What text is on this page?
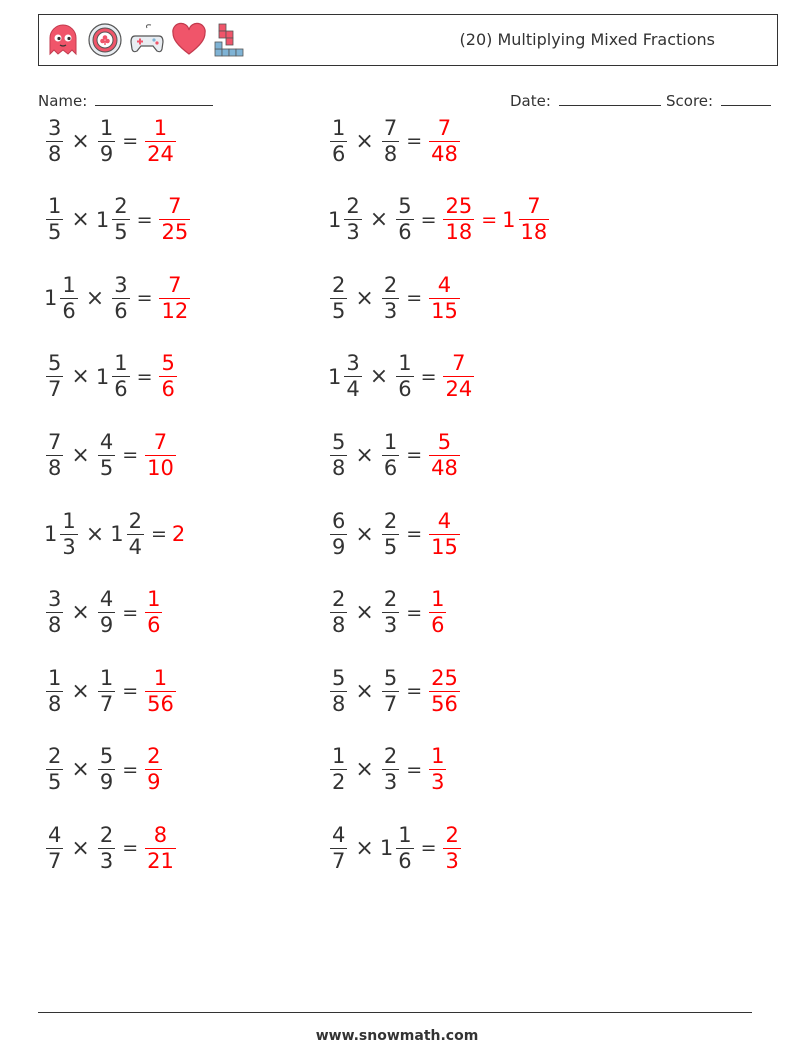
(20) Multiplying Mixed Fractions
Name:	Date:	Score:
$\frac{3}{8} \times \frac{1}{9} = \frac{1}{24}$	$\frac{1}{6} \times \frac{7}{8} = \frac{7}{48}$
$\frac{1}{5} \times 1 \frac{2}{5} = \frac{7}{25}$	$1 \frac{2}{3} \times \frac{5}{6} = \frac{25}{18} = 1 \frac{7}{18}$
$1 \frac{1}{6} \times \frac{3}{6} = \frac{7}{12}$	$\frac{2}{5} \times \frac{2}{3} = \frac{4}{15}$
$\frac{5}{7} \times 1 \frac{1}{6} = \frac{5}{6}$	$1 \frac{3}{4} \times \frac{1}{6} = \frac{7}{24}$
$\frac{7}{8} \times \frac{4}{5} = \frac{7}{10}$	$\frac{5}{8} \times \frac{1}{6} = \frac{5}{48}$
$1 \frac{1}{3} \times 1 \frac{2}{4} = 2$	$\frac{6}{9} \times \frac{2}{5} = \frac{4}{15}$
$\frac{3}{8} \times \frac{4}{9} = \frac{1}{6}$	$\frac{2}{8} \times \frac{2}{3} = \frac{1}{6}$
$\frac{1}{8} \times \frac{1}{7} = \frac{1}{56}$	$\frac{5}{8} \times \frac{5}{7} = \frac{25}{56}$
$\frac{2}{5} \times \frac{5}{9} = \frac{2}{9}$	$\frac{1}{2} \times \frac{2}{3} = \frac{1}{3}$
$\frac{4}{7} \times \frac{2}{3} = \frac{8}{21}$	$\frac{4}{7} \times 1 \frac{1}{6} = \frac{2}{3}$
www.snowmath.com
